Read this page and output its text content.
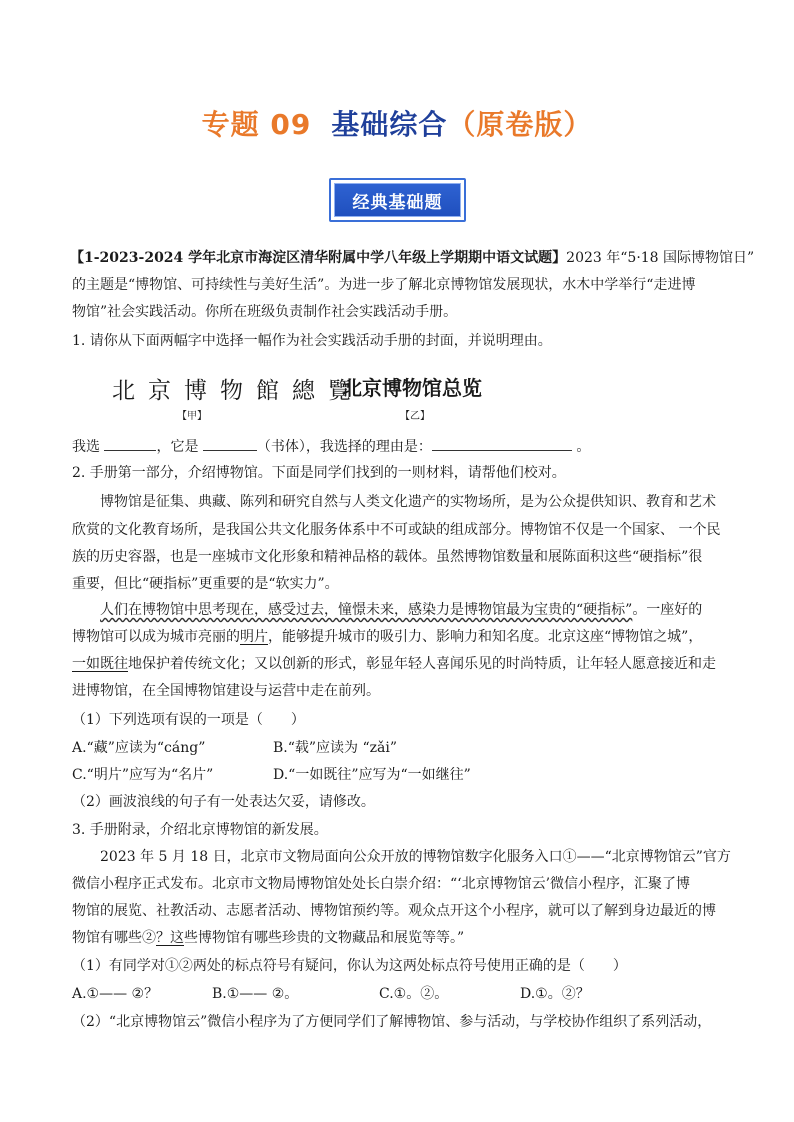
专题 09 基础综合（原卷版）
经典基础题
【1-2023-2024 学年北京市海淀区清华附属中学八年级上学期期中语文试题】2023 年“5·18 国际博物馆日”
的主题是“博物馆、可持续性与美好生活”。为进一步了解北京博物馆发展现状，水木中学举行“走进博
物馆”社会实践活动。你所在班级负责制作社会实践活动手册。
1. 请你从下面两幅字中选择一幅作为社会实践活动手册的封面，并说明理由。
北京博物館總覽
【甲】
北京博物馆总览
【乙】
我选	，它是	（书体），我选择的理由是：	。
2. 手册第一部分，介绍博物馆。下面是同学们找到的一则材料，请帮他们校对。
博物馆是征集、典藏、陈列和研究自然与人类文化遗产的实物场所，是为公众提供知识、教育和艺术
欣赏的文化教育场所，是我国公共文化服务体系中不可或缺的组成部分。博物馆不仅是一个国家、 一个民
族的历史容器，也是一座城市文化形象和精神品格的载体。虽然博物馆数量和展陈面积这些“硬指标”很
重要，但比“硬指标”更重要的是“软实力”。
人们在博物馆中思考现在，感受过去，憧憬未来，感染力是博物馆最为宝贵的“硬指标”。一座好的
博物馆可以成为城市亮丽的明片，能够提升城市的吸引力、影响力和知名度。北京这座“博物馆之城”，
一如既往地保护着传统文化；又以创新的形式，彰显年轻人喜闻乐见的时尚特质，让年轻人愿意接近和走
进博物馆，在全国博物馆建设与运营中走在前列。
（1）下列选项有误的一项是（　　）
A.“藏”应读为“cáng”	B.“载”应读为 “zǎi”
C.“明片”应写为“名片”	D.“一如既往”应写为“一如继往”
（2）画波浪线的句子有一处表达欠妥，请修改。
3. 手册附录，介绍北京博物馆的新发展。
2023 年 5 月 18 日，北京市文物局面向公众开放的博物馆数字化服务入口①——“北京博物馆云”官方
微信小程序正式发布。北京市文物局博物馆处处长白崇介绍：“‘北京博物馆云’微信小程序，汇聚了博
物馆的展览、社教活动、志愿者活动、博物馆预约等。观众点开这个小程序，就可以了解到身边最近的博
物馆有哪些②？这些博物馆有哪些珍贵的文物藏品和展览等等。”
（1）有同学对①②两处的标点符号有疑问，你认为这两处标点符号使用正确的是（　　）
A.①—— ②？	B.①—— ②。	C.①。②。	D.①。②？
（2）“北京博物馆云”微信小程序为了方便同学们了解博物馆、参与活动，与学校协作组织了系列活动，
